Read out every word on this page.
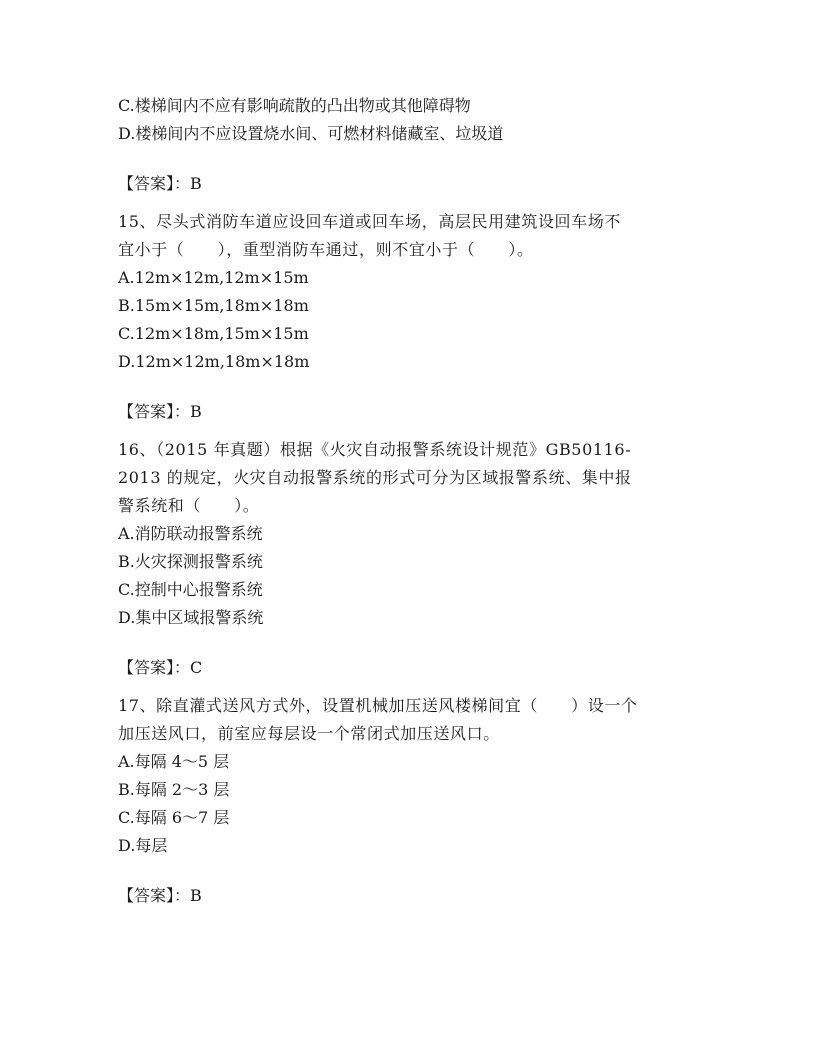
C.楼梯间内不应有影响疏散的凸出物或其他障碍物
D.楼梯间内不应设置烧水间、可燃材料储藏室、垃圾道
【答案】：B
15、尽头式消防车道应设回车道或回车场，高层民用建筑设回车场不
宜小于（　　），重型消防车通过，则不宜小于（　　）。
A.12m×12m,12m×15m
B.15m×15m,18m×18m
C.12m×18m,15m×15m
D.12m×12m,18m×18m
【答案】：B
16、（2015 年真题）根据《火灾自动报警系统设计规范》GB50116-
2013 的规定，火灾自动报警系统的形式可分为区域报警系统、集中报
警系统和（　　）。
A.消防联动报警系统
B.火灾探测报警系统
C.控制中心报警系统
D.集中区域报警系统
【答案】：C
17、除直灌式送风方式外，设置机械加压送风楼梯间宜（　　）设一个
加压送风口，前室应每层设一个常闭式加压送风口。
A.每隔 4～5 层
B.每隔 2～3 层
C.每隔 6～7 层
D.每层
【答案】：B
